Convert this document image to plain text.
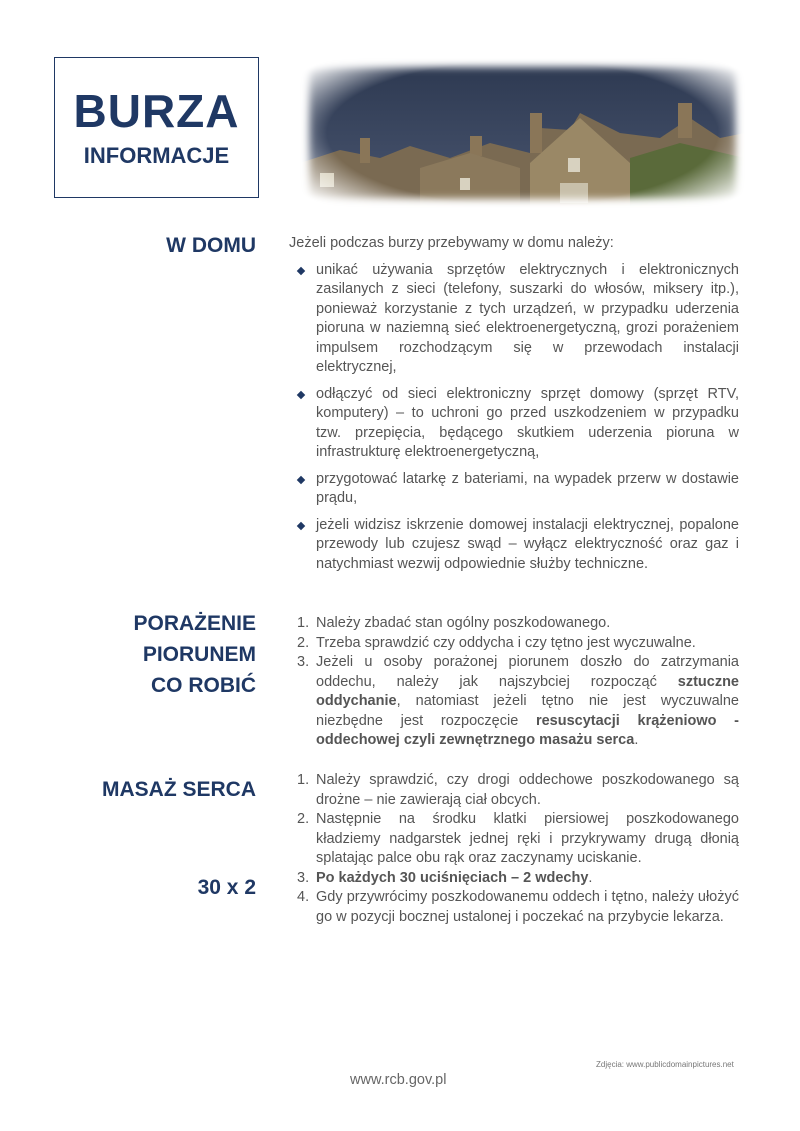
BURZA
INFORMACJE
W DOMU Jeżeli podczas burzy przebywamy w domu należy:
unikać używania sprzętów elektrycznych i elektronicznych zasilanych z sieci (telefony, suszarki do włosów, miksery itp.), ponieważ korzystanie z tych urządzeń, w przypadku uderzenia pioruna w naziemną sieć elektroenergetyczną, grozi porażeniem impulsem rozchodzącym się w przewodach instalacji elektrycznej,
odłączyć od sieci elektroniczny sprzęt domowy (sprzęt RTV, komputery) – to uchroni go przed uszkodzeniem w przypadku tzw. przepięcia, będącego skutkiem uderzenia pioruna w infrastrukturę elektroenergetyczną,
przygotować latarkę z bateriami, na wypadek przerw w dostawie prądu,
jeżeli widzisz iskrzenie domowej instalacji elektrycznej, popalone przewody lub czujesz swąd – wyłącz elektryczność oraz gaz i natychmiast wezwij odpowiednie służby techniczne.
PORAŻENIE
PIORUNEM
CO ROBIĆ
1. Należy zbadać stan ogólny poszkodowanego.
2. Trzeba sprawdzić czy oddycha i czy tętno jest wyczuwalne.
3. Jeżeli u osoby porażonej piorunem doszło do zatrzymania oddechu, należy jak najszybciej rozpocząć sztuczne oddychanie, natomiast jeżeli tętno nie jest wyczuwalne niezbędne jest rozpoczęcie resuscytacji krążeniowo - oddechowej czyli zewnętrznego masażu serca.
MASAŻ SERCA
30 x 2
1. Należy sprawdzić, czy drogi oddechowe poszkodowanego są drożne – nie zawierają ciał obcych.
2. Następnie na środku klatki piersiowej poszkodowanego kładziemy nadgarstek jednej ręki i przykrywamy drugą dłonią splatając palce obu rąk oraz zaczynamy uciskanie.
3. Po każdych 30 uciśnięciach – 2 wdechy.
4. Gdy przywrócimy poszkodowanemu oddech i tętno, należy ułożyć go w pozycji bocznej ustalonej i poczekać na przybycie lekarza.
Zdjęcia: www.publicdomainpictures.net
www.rcb.gov.pl
